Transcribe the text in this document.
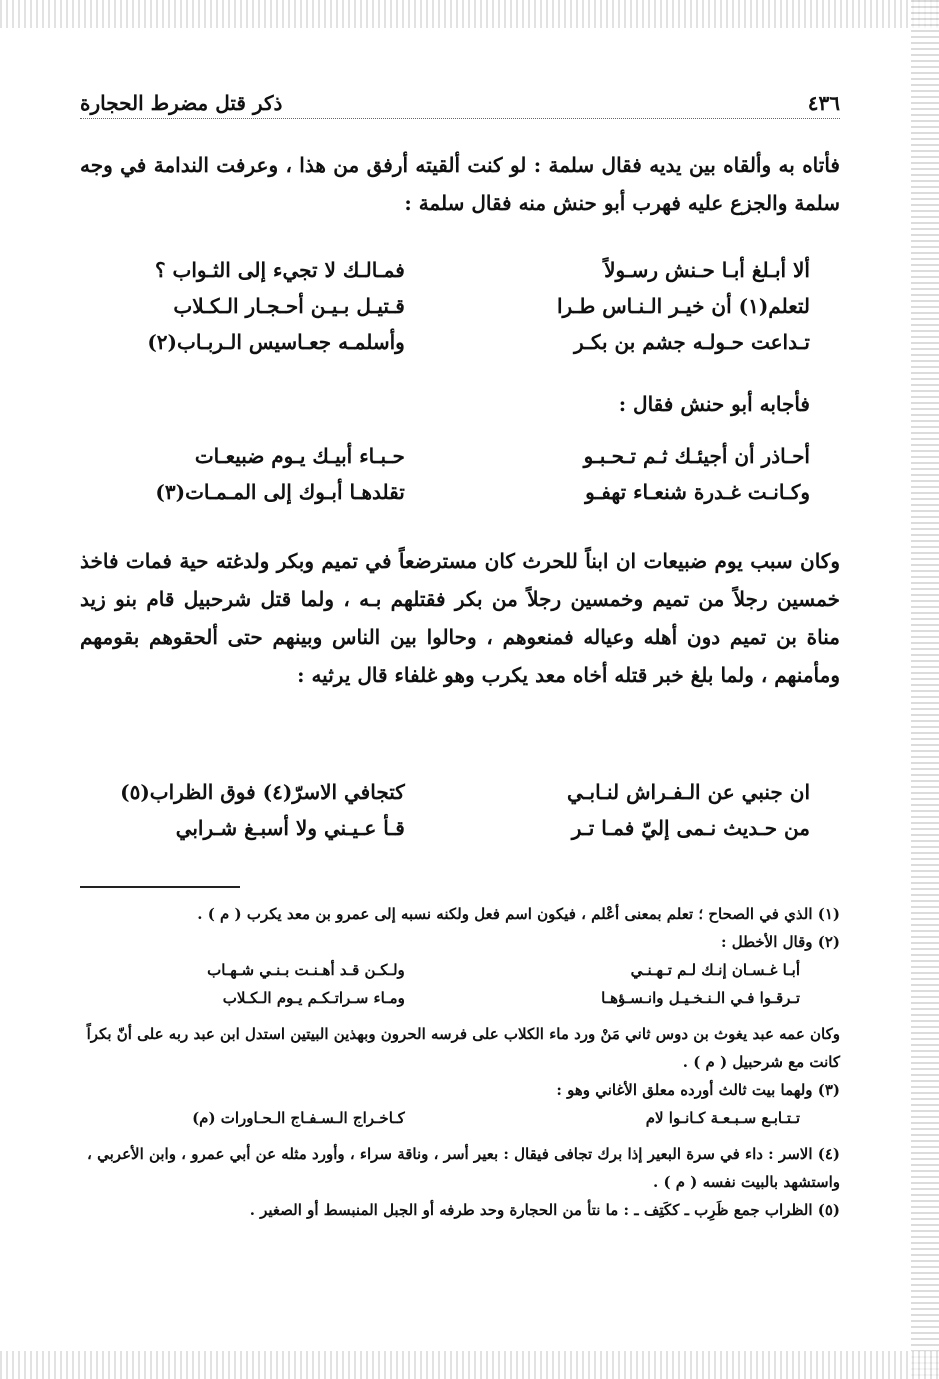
٤٣٦
ذكر قتل مضرط الحجارة
فأتاه به وألقاه بين يديه فقال سلمة : لو كنت ألقيته أرفق من هذا ، وعرفت الندامة في وجه سلمة والجزع عليه فهرب أبو حنش منه فقال سلمة :
ألا أبـلغ أبـا حـنش رسـولاً
فمـالـك لا تجيء إلى الثـواب ؟
لتعلم(١) أن خيـر الـنـاس طـرا
قـتيـل بـيـن أحـجـار الـكـلاب
تـداعت حـولـه جشم بن بكـر
وأسلمـه جعـاسيس الـربـاب(٢)
فأجابه أبو حنش فقال :
أحـاذر أن أجيئـك ثـم تـحـبـو
حـبـاء أبيـك يـوم ضبيعـات
وكـانـت غـدرة شنعـاء تهفـو
تقلدهـا أبـوك إلى المـمـات(٣)
وكان سبب يوم ضبيعات ان ابناً للحرث كان مسترضعاً في تميم وبكر ولدغته حية فمات فاخذ خمسين رجلاً من تميم وخمسين رجلاً من بكر فقتلهم بـه ، ولما قتل شرحبيل قام بنو زيد مناة بن تميم دون أهله وعياله فمنعوهم ، وحالوا بين الناس وبينهم حتى ألحقوهم بقومهم ومأمنهم ، ولما بلغ خبر قتله أخاه معد يكرب وهو غلفاء قال يرثيه :
ان جنبي عن الـفـراش لنـابـي
كتجافي الاسرّ(٤) فوق الظراب(٥)
من حـديث نـمى إليّ فمـا تـر
قـأ عـيـني ولا أسبـغ شـرابي
(١) الذي في الصحاح ؛ تعلم بمعنى أعْلم ، فيكون اسم فعل ولكنه نسبه إلى عمرو بن معد يكرب ( م ) .
(٢) وقال الأخطل :
أبـا غـسـان إنـك لـم تـهـنـي
ولـكـن قـد أهـنـت بـنـي شـهـاب
تـرقـوا فـي الـنـخـيـل وانـسـؤهـا
ومـاء سـراتـكـم يـوم الـكـلاب
وكان عمه عبد يغوث بن دوس ثاني مَنْ ورد ماء الكلاب على فرسه الحرون وبهذين البيتين استدل ابن عبد ربه على أنّ بكراً كانت مع شرحبيل ( م ) .
(٣) ولهما بيت ثالث أورده معلق الأغاني وهو :
تـتـابـع سـبـعـة كـانـوا لام
كـاخـراج الـسـفـاج الـحـاورات (م)
(٤) الاسر : داء في سرة البعير إذا برك تجافى فيقال : بعير أسر ، وناقة سراء ، وأورد مثله عن أبي عمرو ، وابن الأعربي ، واستشهد بالبيت نفسه ( م ) .
(٥) الظراب جمع ظَرِب ـ ككَتِف ـ : ما نتأ من الحجارة وحد طرفه أو الجبل المنبسط أو الصغير .
